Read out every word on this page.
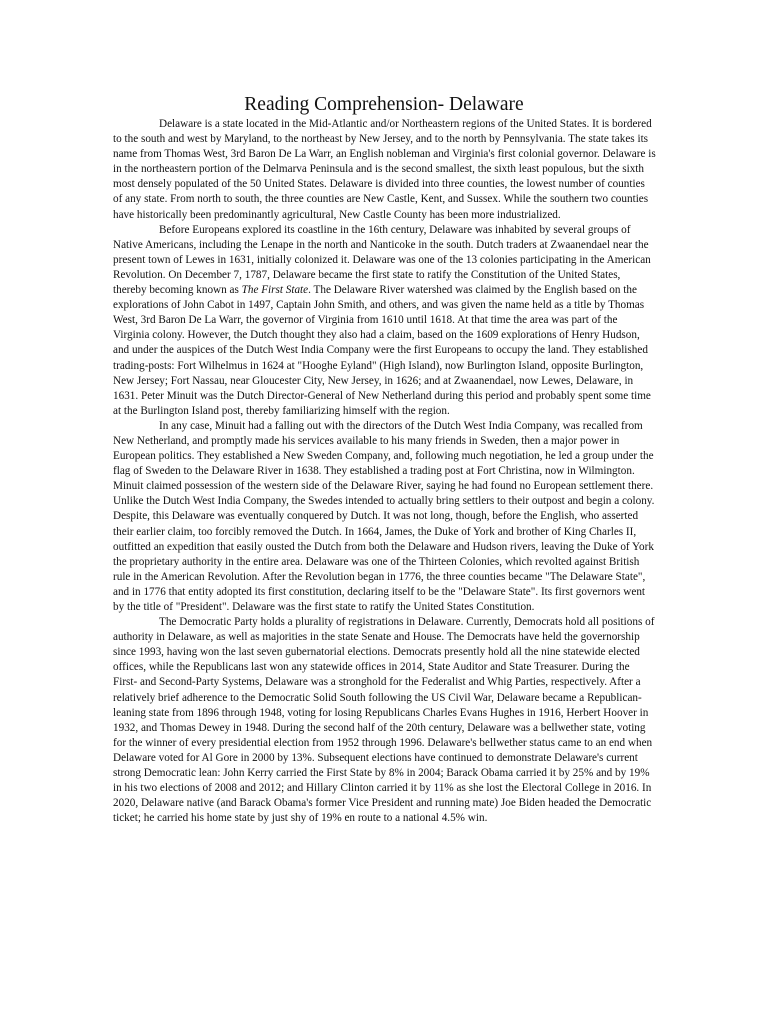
Reading Comprehension- Delaware

Delaware is a state located in the Mid-Atlantic and/or Northeastern regions of the United States. It is bordered to the south and west by Maryland, to the northeast by New Jersey, and to the north by Pennsylvania. The state takes its name from Thomas West, 3rd Baron De La Warr, an English nobleman and Virginia's first colonial governor. Delaware is in the northeastern portion of the Delmarva Peninsula and is the second smallest, the sixth least populous, but the sixth most densely populated of the 50 United States. Delaware is divided into three counties, the lowest number of counties of any state. From north to south, the three counties are New Castle, Kent, and Sussex. While the southern two counties have historically been predominantly agricultural, New Castle County has been more industrialized.

Before Europeans explored its coastline in the 16th century, Delaware was inhabited by several groups of Native Americans, including the Lenape in the north and Nanticoke in the south. Dutch traders at Zwaanendael near the present town of Lewes in 1631, initially colonized it. Delaware was one of the 13 colonies participating in the American Revolution. On December 7, 1787, Delaware became the first state to ratify the Constitution of the United States, thereby becoming known as The First State. The Delaware River watershed was claimed by the English based on the explorations of John Cabot in 1497, Captain John Smith, and others, and was given the name held as a title by Thomas West, 3rd Baron De La Warr, the governor of Virginia from 1610 until 1618. At that time the area was part of the Virginia colony. However, the Dutch thought they also had a claim, based on the 1609 explorations of Henry Hudson, and under the auspices of the Dutch West India Company were the first Europeans to occupy the land. They established trading-posts: Fort Wilhelmus in 1624 at "Hooghe Eyland" (High Island), now Burlington Island, opposite Burlington, New Jersey; Fort Nassau, near Gloucester City, New Jersey, in 1626; and at Zwaanendael, now Lewes, Delaware, in 1631. Peter Minuit was the Dutch Director-General of New Netherland during this period and probably spent some time at the Burlington Island post, thereby familiarizing himself with the region.

In any case, Minuit had a falling out with the directors of the Dutch West India Company, was recalled from New Netherland, and promptly made his services available to his many friends in Sweden, then a major power in European politics. They established a New Sweden Company, and, following much negotiation, he led a group under the flag of Sweden to the Delaware River in 1638. They established a trading post at Fort Christina, now in Wilmington. Minuit claimed possession of the western side of the Delaware River, saying he had found no European settlement there. Unlike the Dutch West India Company, the Swedes intended to actually bring settlers to their outpost and begin a colony. Despite, this Delaware was eventually conquered by Dutch. It was not long, though, before the English, who asserted their earlier claim, too forcibly removed the Dutch. In 1664, James, the Duke of York and brother of King Charles II, outfitted an expedition that easily ousted the Dutch from both the Delaware and Hudson rivers, leaving the Duke of York the proprietary authority in the entire area. Delaware was one of the Thirteen Colonies, which revolted against British rule in the American Revolution. After the Revolution began in 1776, the three counties became "The Delaware State", and in 1776 that entity adopted its first constitution, declaring itself to be the "Delaware State". Its first governors went by the title of "President". Delaware was the first state to ratify the United States Constitution.

The Democratic Party holds a plurality of registrations in Delaware. Currently, Democrats hold all positions of authority in Delaware, as well as majorities in the state Senate and House. The Democrats have held the governorship since 1993, having won the last seven gubernatorial elections. Democrats presently hold all the nine statewide elected offices, while the Republicans last won any statewide offices in 2014, State Auditor and State Treasurer. During the First- and Second-Party Systems, Delaware was a stronghold for the Federalist and Whig Parties, respectively. After a relatively brief adherence to the Democratic Solid South following the US Civil War, Delaware became a Republican-leaning state from 1896 through 1948, voting for losing Republicans Charles Evans Hughes in 1916, Herbert Hoover in 1932, and Thomas Dewey in 1948. During the second half of the 20th century, Delaware was a bellwether state, voting for the winner of every presidential election from 1952 through 1996. Delaware's bellwether status came to an end when Delaware voted for Al Gore in 2000 by 13%. Subsequent elections have continued to demonstrate Delaware's current strong Democratic lean: John Kerry carried the First State by 8% in 2004; Barack Obama carried it by 25% and by 19% in his two elections of 2008 and 2012; and Hillary Clinton carried it by 11% as she lost the Electoral College in 2016. In 2020, Delaware native (and Barack Obama's former Vice President and running mate) Joe Biden headed the Democratic ticket; he carried his home state by just shy of 19% en route to a national 4.5% win.
